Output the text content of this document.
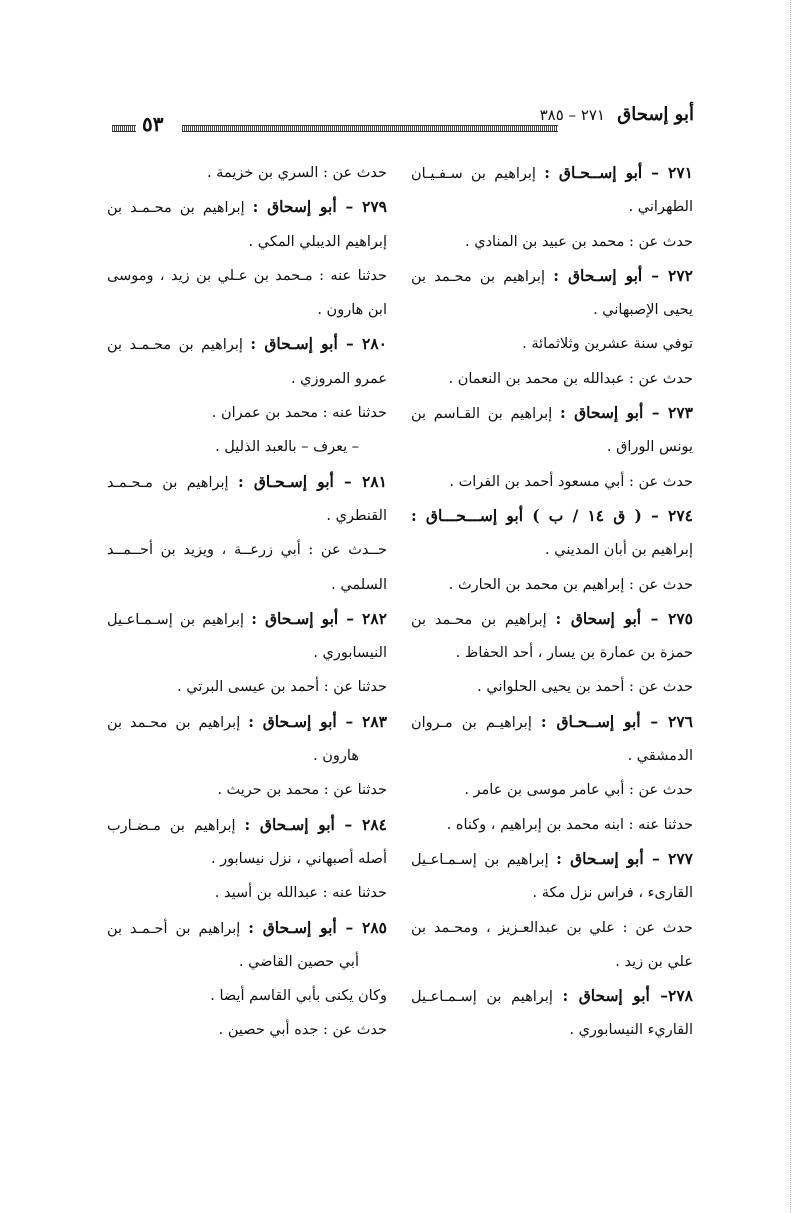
أبو إسحاق ٢٧١ – ٣٨٥
٥٣
٢٧١ – أبو إســحـاق : إبراهيم بن سـفـيـان
الطهراني .
حدث عن : محمد بن عبيد بن المنادي .
٢٧٢ – أبو إسـحاق : إبراهيم بن محـمد بن
يحيى الإصبهاني .
توفي سنة عشرين وثلاثمائة .
حدث عن : عبدالله بن محمد بن النعمان .
٢٧٣ – أبو إسحاق : إبراهيم بن القـاسم بن
يونس الوراق .
حدث عن : أبي مسعود أحمد بن الفرات .
٢٧٤ – ( ق ١٤ / ب ) أبو إســـحـــاق :
إبراهيم بن أبان المديني .
حدث عن : إبراهيم بن محمد بن الحارث .
٢٧٥ – أبو إسحاق : إبراهيم بن محـمد بن
حمزة بن عمارة بن يسار ، أحد الحفاظ .
حدث عن : أحمد بن يحيى الحلواني .
٢٧٦ – أبو إســحـاق : إبراهيـم بن مـروان
الدمشقي .
حدث عن : أبي عامر موسى بن عامر .
حدثنا عنه : ابنه محمد بن إبراهيم ، وكناه .
٢٧٧ – أبو إسـحاق : إبراهيم بن إسـمـاعـيل
القارىء ، فراس نزل مكة .
حدث عن : علي بن عبدالعـزيز ، ومحـمد بن
علي بن زيد .
٢٧٨– أبو إسحاق : إبراهيم بن إسـمـاعـيل
القاريء النيسابوري .
حدث عن : السري بن خزيمة .
٢٧٩ – أبو إسحاق : إبراهيم بن محـمـد بن
إبراهيم الديبلي المكي .
حدثنا عنه : مـحمد بن عـلي بن زيد ، وموسى
ابن هارون .
٢٨٠ – أبو إسـحاق : إبراهيم بن محـمـد بن
عمرو المروزي .
حدثنا عنه : محمد بن عمران .
– يعرف – بالعبد الذليل .
٢٨١ – أبو إسـحـاق : إبراهيم بن مـحـمـد
القنطري .
حــدث عن : أبي زرعــة ، ويزيد بن أحــمــد
السلمي .
٢٨٢ – أبو إسـحاق : إبراهيم بن إسـمـاعـيل
النيسابوري .
حدثنا عن : أحمد بن عيسى البرتي .
٢٨٣ – أبو إسـحاق : إبراهيم بن محـمد بن
هارون .
حدثنا عن : محمد بن حريث .
٢٨٤ – أبو إسـحاق : إبراهيم بن مـضـارب
أصله أصبهاني ، نزل نيسابور .
حدثنا عنه : عبدالله بن أسيد .
٢٨٥ – أبو إسـحاق : إبراهيم بن أحـمـد بن
أبي حصين القاضي .
وكان يكنى بأبي القاسم أيضا .
حدث عن : جده أبي حصين .
